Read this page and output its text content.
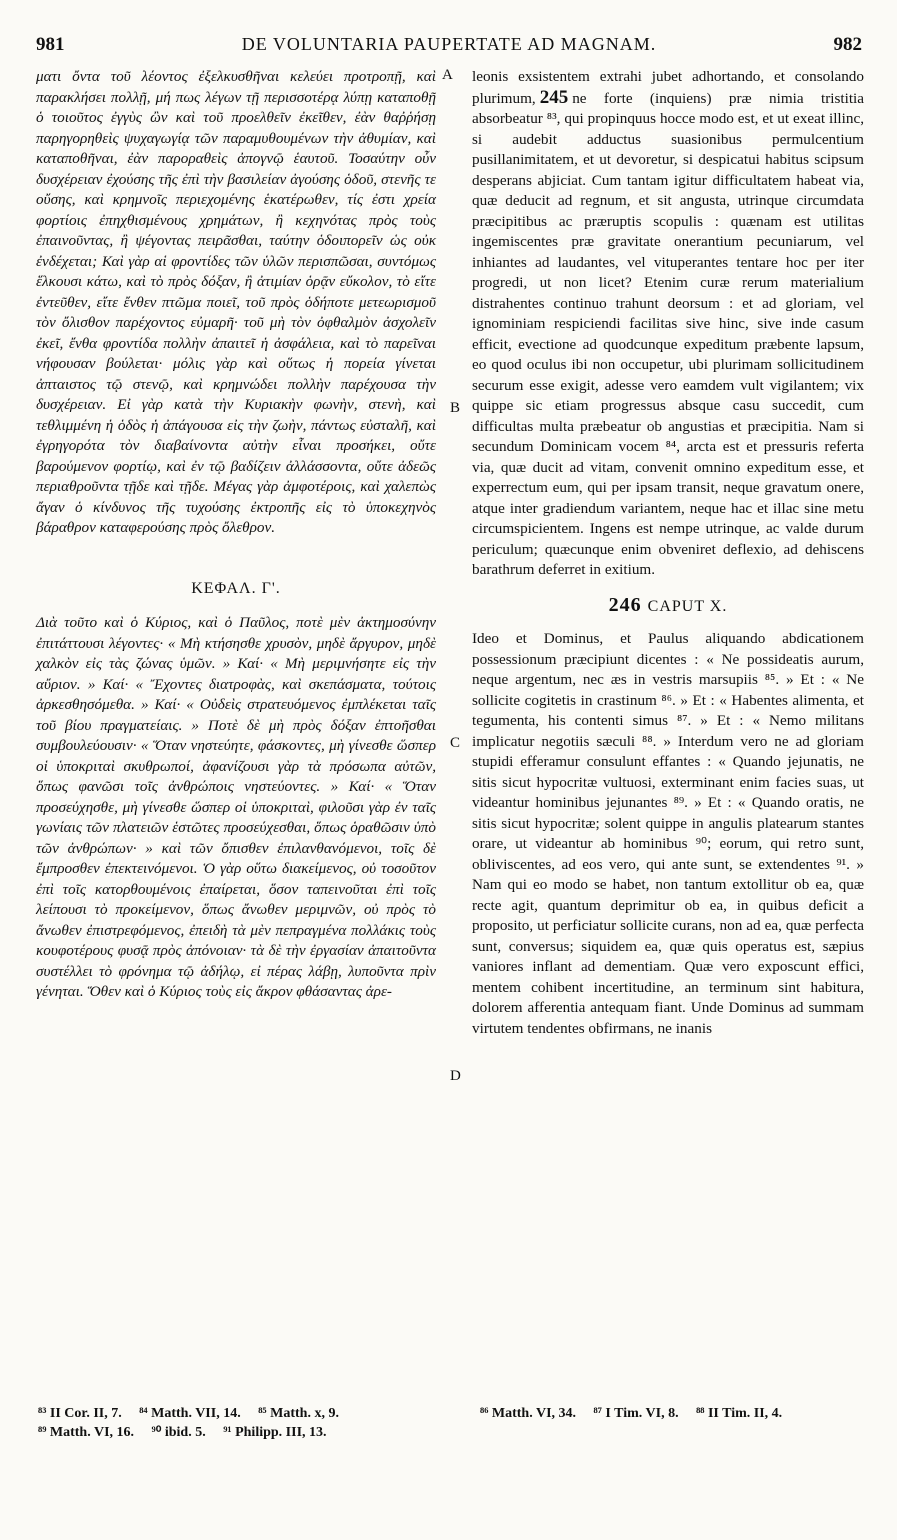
981	DE VOLUNTARIA PAUPERTATE AD MAGNAM.	982

ματι ὄντα τοῦ λέοντος ἐξελκυσθῆναι κελεύει προτροπῇ, καὶ παρακλήσει πολλῇ, μή πως λέγων τῇ περισσοτέρᾳ λύπῃ καταποθῇ ὁ τοιοῦτος ἐγγὺς ὢν καὶ τοῦ προελθεῖν ἐκεῖθεν, ἐὰν θαῤῥήσῃ παρηγορηθεὶς ψυχαγωγίᾳ τῶν παραμυθουμένων τὴν ἀθυμίαν, καὶ καταποθῆναι, ἐὰν παροραθεὶς ἀπογνῷ ἑαυτοῦ. Τοσαύτην οὖν δυσχέρειαν ἐχούσης τῆς ἐπὶ τὴν βασιλείαν ἀγούσης ὁδοῦ, στενῆς τε οὔσης, καὶ κρημνοῖς περιεχομένης ἑκατέρωθεν, τίς ἐστι χρεία φορτίοις ἐπηχθισμένους χρημάτων, ἢ κεχηνότας πρὸς τοὺς ἐπαινοῦντας, ἢ ψέγοντας πειρᾶσθαι, ταύτην ὁδοιπορεῖν ὡς οὐκ ἐνδέχεται; Καὶ γὰρ αἱ φροντίδες τῶν ὑλῶν περισπῶσαι, συντόμως ἕλκουσι κάτω, καὶ τὸ πρὸς δόξαν, ἢ ἀτιμίαν ὁρᾷν εὔκολον, τὸ εἴτε ἐντεῦθεν, εἴτε ἔνθεν πτῶμα ποιεῖ, τοῦ πρὸς ὁδήποτε μετεωρισμοῦ τὸν ὄλισθον παρέχοντος εὐμαρῆ· τοῦ μὴ τὸν ὀφθαλμὸν ἀσχολεῖν ἐκεῖ, ἔνθα φροντίδα πολλὴν ἀπαιτεῖ ἡ ἀσφάλεια, καὶ τὸ παρεῖναι νήφουσαν βούλεται· μόλις γὰρ καὶ οὕτως ἡ πορεία γίνεται ἀπταιστος τῷ στενῷ, καὶ κρημνώδει πολλὴν παρέχουσα τὴν δυσχέρειαν. Εἰ γὰρ κατὰ τὴν Κυριακὴν φωνὴν, στενὴ, καὶ τεθλιμμένη ἡ ὁδὸς ἡ ἀπάγουσα εἰς τὴν ζωὴν, πάντως εὐσταλῆ, καὶ ἐγρηγορότα τὸν διαβαίνοντα αὐτὴν εἶναι προσήκει, οὔτε βαρούμενον φορτίῳ, καὶ ἐν τῷ βαδίζειν ἀλλάσσοντα, οὔτε ἀδεῶς περιαθροῦντα τῇδε καὶ τῇδε. Μέγας γὰρ ἀμφοτέροις, καὶ χαλεπὼς ἄγαν ὁ κίνδυνος τῆς τυχούσης ἐκτροπῆς εἰς τὸ ὑποκεχηνὸς βάραθρον καταφερούσης πρὸς ὄλεθρον.

ΚΕΦΑΛ. Γ'.

Διὰ τοῦτο καὶ ὁ Κύριος, καὶ ὁ Παῦλος, ποτὲ μὲν ἀκτημοσύνην ἐπιτάττουσι λέγοντες· « Μὴ κτήσησθε χρυσὸν, μηδὲ ἄργυρον, μηδὲ χαλκὸν εἰς τὰς ζώνας ὑμῶν. » Καί· « Μὴ μεριμνήσητε εἰς τὴν αὔριον. » Καί· « Ἔχοντες διατροφὰς, καὶ σκεπάσματα, τούτοις ἀρκεσθησόμεθα. » Καί· « Οὐδεὶς στρατευόμενος ἐμπλέκεται ταῖς τοῦ βίου πραγματείαις. » Ποτὲ δὲ μὴ πρὸς δόξαν ἐπτοῆσθαι συμβουλεύουσιν· « Ὅταν νηστεύητε, φάσκοντες, μὴ γίνεσθε ὥσπερ οἱ ὑποκριταὶ σκυθρωποί, ἀφανίζουσι γὰρ τὰ πρόσωπα αὐτῶν, ὅπως φανῶσι τοῖς ἀνθρώποις νηστεύοντες. » Καί· « Ὅταν προσεύχησθε, μὴ γίνεσθε ὥσπερ οἱ ὑποκριταὶ, φιλοῦσι γὰρ ἐν ταῖς γωνίαις τῶν πλατειῶν ἑστῶτες προσεύχεσθαι, ὅπως ὁραθῶσιν ὑπὸ τῶν ἀνθρώπων· » καὶ τῶν ὄπισθεν ἐπιλανθανόμενοι, τοῖς δὲ ἔμπροσθεν ἐπεκτεινόμενοι. Ὁ γὰρ οὕτω διακείμενος, οὐ τοσοῦτον ἐπὶ τοῖς κατορθουμένοις ἐπαίρεται, ὅσον ταπεινοῦται ἐπὶ τοῖς λείπουσι τὸ προκείμενον, ὅπως ἄνωθεν μεριμνῶν, οὐ πρὸς τὸ ἄνωθεν ἐπιστρεφόμενος, ἐπειδὴ τὰ μὲν πεπραγμένα πολλάκις τοὺς κουφοτέρους φυσᾷ πρὸς ἀπόνοιαν· τὰ δὲ τὴν ἐργασίαν ἀπαιτοῦντα συστέλλει τὸ φρόνημα τῷ ἀδήλῳ, εἰ πέρας λάβῃ, λυποῦντα πρὶν γένηται. Ὅθεν καὶ ὁ Κύριος τοὺς εἰς ἄκρον φθάσαντας ἀρε-

A
B
C
D

leonis exsistentem extrahi jubet adhortando, et consolando plurimum, 245 ne forte (inquiens) præ nimia tristitia absorbeatur ⁸³, qui propinquus hocce modo est, et ut exeat illinc, si audebit adductus suasionibus permulcentium pusillanimitatem, et ut devoretur, si despicatui habitus scipsum desperans abjiciat. Cum tantam igitur difficultatem habeat via, quæ deducit ad regnum, et sit angusta, utrinque circumdata præcipitibus ac præruptis scopulis : quænam est utilitas ingemiscentes præ gravitate onerantium pecuniarum, vel inhiantes ad laudantes, vel vituperantes tentare hoc per iter progredi, ut non licet? Etenim curæ rerum materialium distrahentes continuo trahunt deorsum : et ad gloriam, vel ignominiam respiciendi facilitas sive hinc, sive inde casum efficit, evectione ad quodcunque expeditum præbente lapsum, eo quod oculus ibi non occupetur, ubi plurimam sollicitudinem securum esse exigit, adesse vero eamdem vult vigilantem; vix quippe sic etiam progressus absque casu succedit, cum difficultas multa præbeatur ob angustias et præcipitia. Nam si secundum Dominicam vocem ⁸⁴, arcta est et pressuris referta via, quæ ducit ad vitam, convenit omnino expeditum esse, et experrectum eum, qui per ipsam transit, neque gravatum onere, atque inter gradiendum variantem, neque hac et illac sine metu circumspicientem. Ingens est nempe utrinque, ac valde durum periculum; quæcunque enim obveniret deflexio, ad dehiscens barathrum deferret in exitium.

246 CAPUT X.

Ideo et Dominus, et Paulus aliquando abdicationem possessionum præcipiunt dicentes : « Ne possideatis aurum, neque argentum, nec æs in vestris marsupiis ⁸⁵. » Et : « Ne sollicite cogitetis in crastinum ⁸⁶. » Et : « Habentes alimenta, et tegumenta, his contenti simus ⁸⁷. » Et : « Nemo militans implicatur negotiis sæculi ⁸⁸. » Interdum vero ne ad gloriam stupidi efferamur consulunt effantes : « Quando jejunatis, ne sitis sicut hypocritæ vultuosi, exterminant enim facies suas, ut videantur hominibus jejunantes ⁸⁹. » Et : « Quando oratis, ne sitis sicut hypocritæ; solent quippe in angulis platearum stantes orare, ut videantur ab hominibus ⁹⁰; eorum, qui retro sunt, obliviscentes, ad eos vero, qui ante sunt, se extendentes ⁹¹. » Nam qui eo modo se habet, non tantum extollitur ob ea, quæ recte agit, quantum deprimitur ob ea, in quibus deficit a proposito, ut perficiatur sollicite curans, non ad ea, quæ perfecta sunt, conversus; siquidem ea, quæ quis operatus est, sæpius vaniores inflant ad dementiam. Quæ vero exposcunt effici, mentem cohibent incertitudine, an terminum sint habitura, dolorem afferentia antequam fiant. Unde Dominus ad summam virtutem tendentes obfirmans, ne inanis

⁸³ II Cor. II, 7. ⁸⁴ Matth. VII, 14. ⁸⁵ Matth. x, 9.
⁸⁹ Matth. VI, 16. ⁹⁰ ibid. 5. ⁹¹ Philipp. III, 13.
⁸⁶ Matth. VI, 34. ⁸⁷ I Tim. VI, 8. ⁸⁸ II Tim. II, 4.
